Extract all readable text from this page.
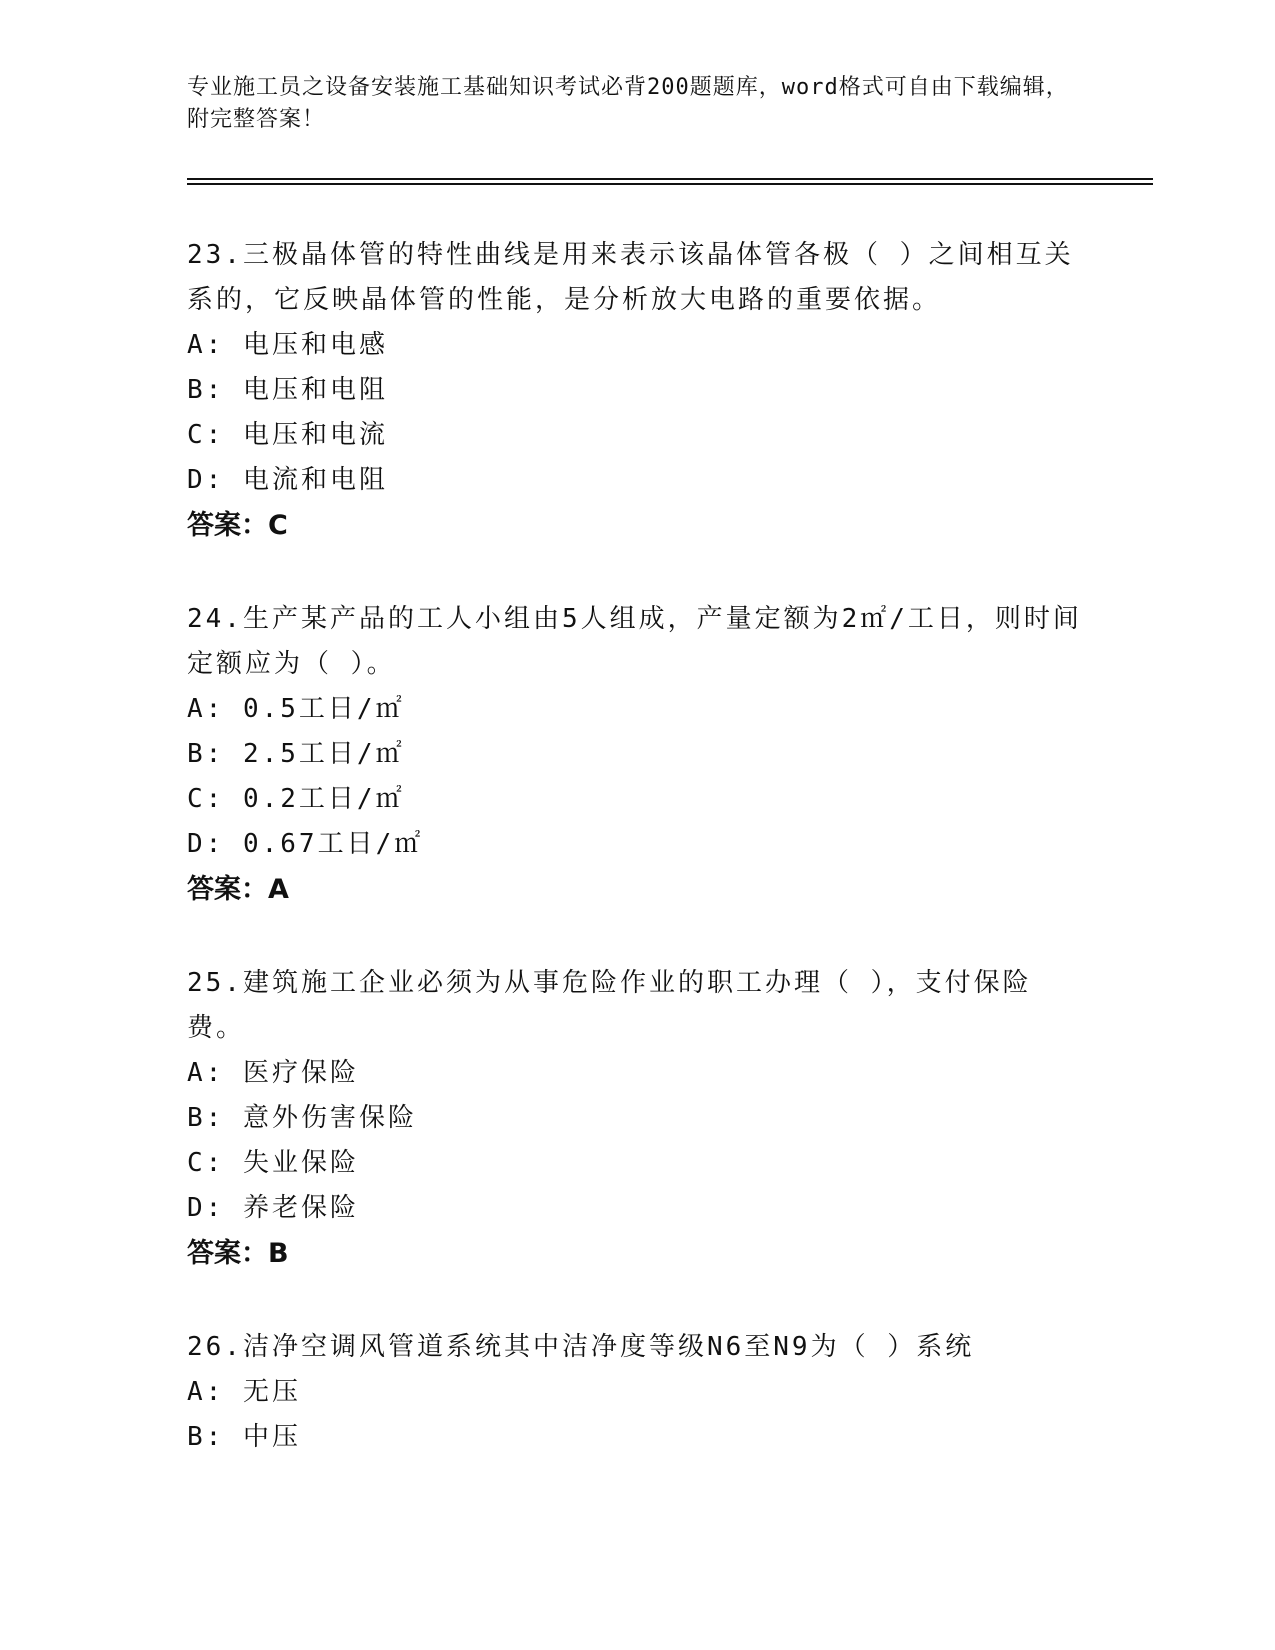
专业施工员之设备安装施工基础知识考试必背200题题库，word格式可自由下载编辑，附完整答案！

23.三极晶体管的特性曲线是用来表示该晶体管各极（ ）之间相互关系的，它反映晶体管的性能，是分析放大电路的重要依据。

A: 电压和电感

B: 电压和电阻

C: 电压和电流

D: 电流和电阻

答案：C

24.生产某产品的工人小组由5人组成，产量定额为2㎡/工日，则时间定额应为（ ）。

A: 0.5工日/㎡

B: 2.5工日/㎡

C: 0.2工日/㎡

D: 0.67工日/㎡

答案：A

25.建筑施工企业必须为从事危险作业的职工办理（ ），支付保险费。

A: 医疗保险

B: 意外伤害保险

C: 失业保险

D: 养老保险

答案：B

26.洁净空调风管道系统其中洁净度等级N6至N9为（ ）系统

A: 无压

B: 中压
